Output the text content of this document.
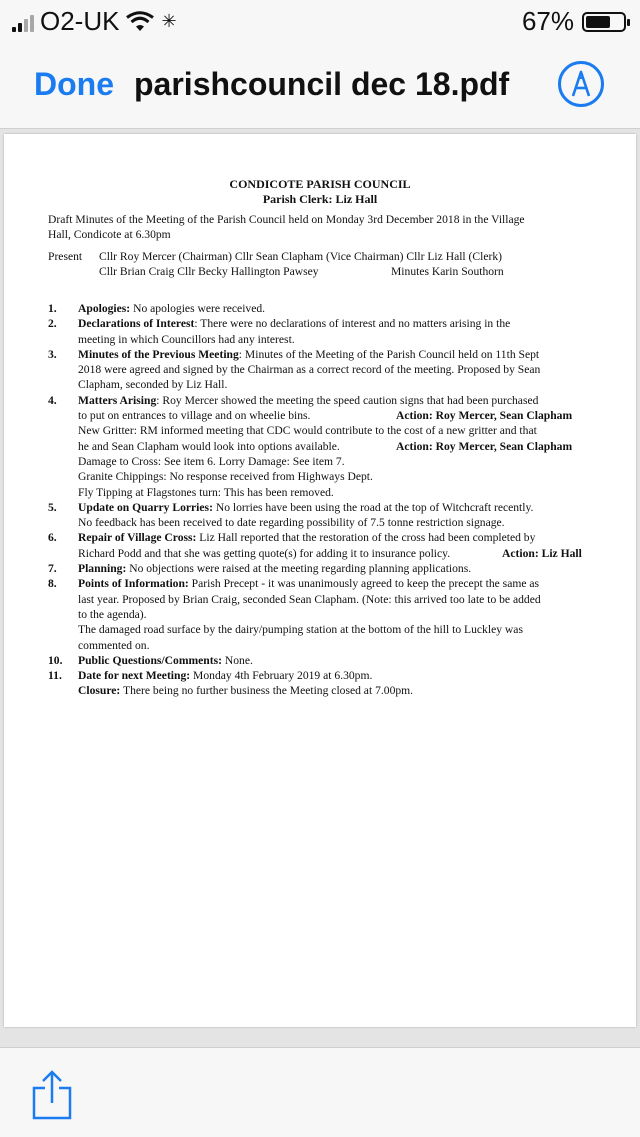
O2-UK ✳	67%
Done parishcouncil dec 18.pdf
CONDICOTE PARISH COUNCIL
Parish Clerk: Liz Hall
Draft Minutes of the Meeting of the Parish Council held on Monday 3rd December 2018 in the Village
Hall, Condicote at 6.30pm
Present Cllr Roy Mercer (Chairman) Cllr Sean Clapham (Vice Chairman) Cllr Liz Hall (Clerk)
Cllr Brian Craig Cllr Becky Hallington Pawsey	Minutes Karin Southorn
1. Apologies: No apologies were received.
2. Declarations of Interest: There were no declarations of interest and no matters arising in the
meeting in which Councillors had any interest.
3. Minutes of the Previous Meeting: Minutes of the Meeting of the Parish Council held on 11th Sept
2018 were agreed and signed by the Chairman as a correct record of the meeting. Proposed by Sean
Clapham, seconded by Liz Hall.
4. Matters Arising: Roy Mercer showed the meeting the speed caution signs that had been purchased
to put on entrances to village and on wheelie bins.	Action: Roy Mercer, Sean Clapham
New Gritter: RM informed meeting that CDC would contribute to the cost of a new gritter and that
he and Sean Clapham would look into options available.	Action: Roy Mercer, Sean Clapham
Damage to Cross: See item 6. Lorry Damage: See item 7.
Granite Chippings: No response received from Highways Dept.
Fly Tipping at Flagstones turn: This has been removed.
5. Update on Quarry Lorries: No lorries have been using the road at the top of Witchcraft recently.
No feedback has been received to date regarding possibility of 7.5 tonne restriction signage.
6. Repair of Village Cross: Liz Hall reported that the restoration of the cross had been completed by
Richard Podd and that she was getting quote(s) for adding it to insurance policy.	Action: Liz Hall
7. Planning: No objections were raised at the meeting regarding planning applications.
8. Points of Information: Parish Precept - it was unanimously agreed to keep the precept the same as
last year. Proposed by Brian Craig, seconded Sean Clapham. (Note: this arrived too late to be added
to the agenda).
The damaged road surface by the dairy/pumping station at the bottom of the hill to Luckley was
commented on.
10. Public Questions/Comments: None.
11. Date for next Meeting: Monday 4th February 2019 at 6.30pm.
Closure: There being no further business the Meeting closed at 7.00pm.
